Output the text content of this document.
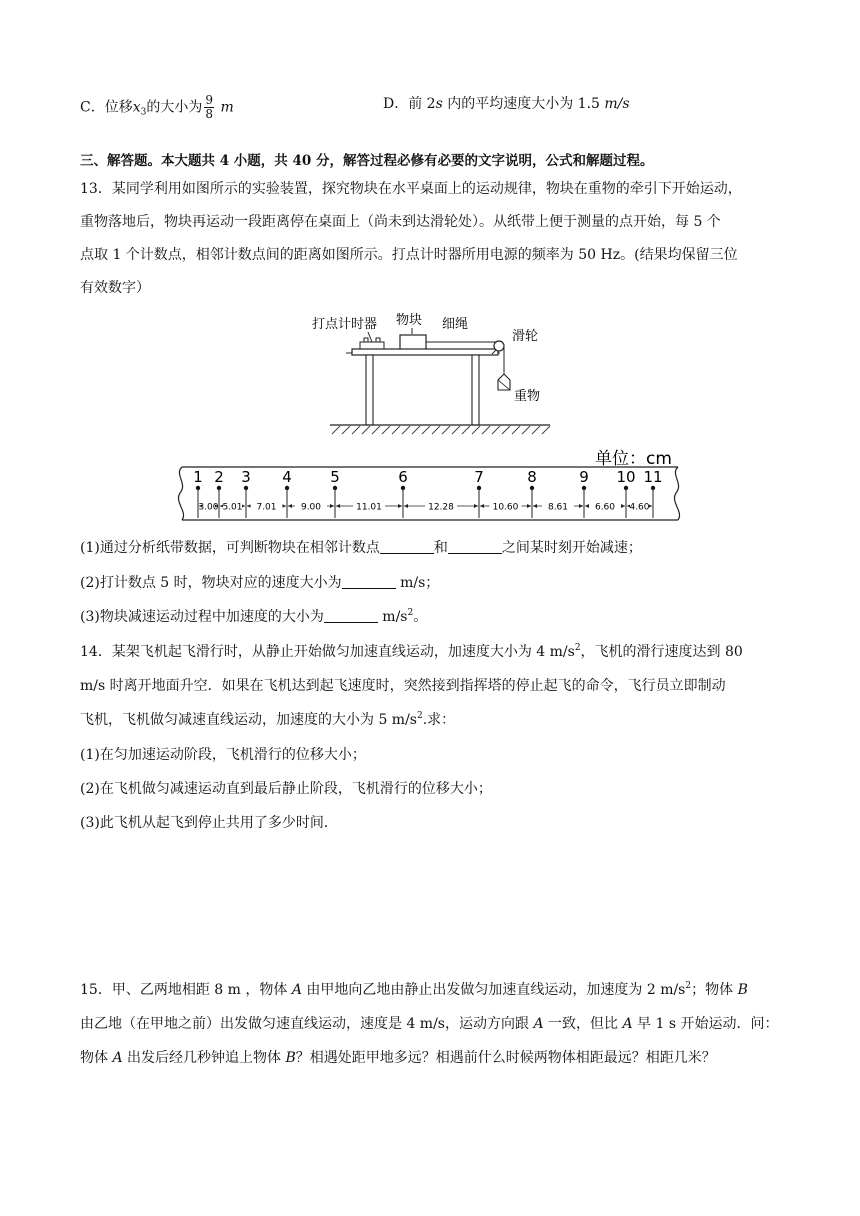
C．位移$x_3$的大小为 $\frac{9}{8}$ m	D．前 2s 内的平均速度大小为 1.5 m/s
三、解答题。本大题共 4 小题，共 40 分，解答过程必修有必要的文字说明，公式和解题过程。
13．某同学利用如图所示的实验装置，探究物块在水平桌面上的运动规律，物块在重物的牵引下开始运动，
重物落地后，物块再运动一段距离停在桌面上（尚未到达滑轮处）。从纸带上便于测量的点开始，每 5 个
点取 1 个计数点，相邻计数点间的距离如图所示。打点计时器所用电源的频率为 50 Hz。(结果均保留三位
有效数字）
打点计时器 物块 细绳
滑轮
重物
单位：cm
1 2 3 4	5	6	7	8	9 10 11
3.00 5.01 7.01	9.00	11.01	12.28	10.60	8.61	6.60 4.60
(1)通过分析纸带数据，可判断物块在相邻计数点	和	之间某时刻开始减速；
(2)打计数点 5 时，物块对应的速度大小为	m/s；
(3)物块减速运动过程中加速度的大小为	$m/s^2$。
14．某架飞机起飞滑行时，从静止开始做匀加速直线运动，加速度大小为 4 $m/s^2$，飞机的滑行速度达到 80
m/s 时离开地面升空．如果在飞机达到起飞速度时，突然接到指挥塔的停止起飞的命令，飞行员立即制动
飞机，飞机做匀减速直线运动，加速度的大小为 5 $m/s^2$.求：
(1)在匀加速运动阶段，飞机滑行的位移大小；
(2)在飞机做匀减速运动直到最后静止阶段，飞机滑行的位移大小；
(3)此飞机从起飞到停止共用了多少时间．
15．甲、乙两地相距 8 m ，物体 A 由甲地向乙地由静止出发做匀加速直线运动，加速度为 2 $m/s^2$；物体 B
由乙地（在甲地之前）出发做匀速直线运动，速度是 4 m/s，运动方向跟 A 一致，但比 A 早 1 s 开始运动．问：
物体 A 出发后经几秒钟追上物体 B？相遇处距甲地多远？相遇前什么时候两物体相距最远？相距几米？
